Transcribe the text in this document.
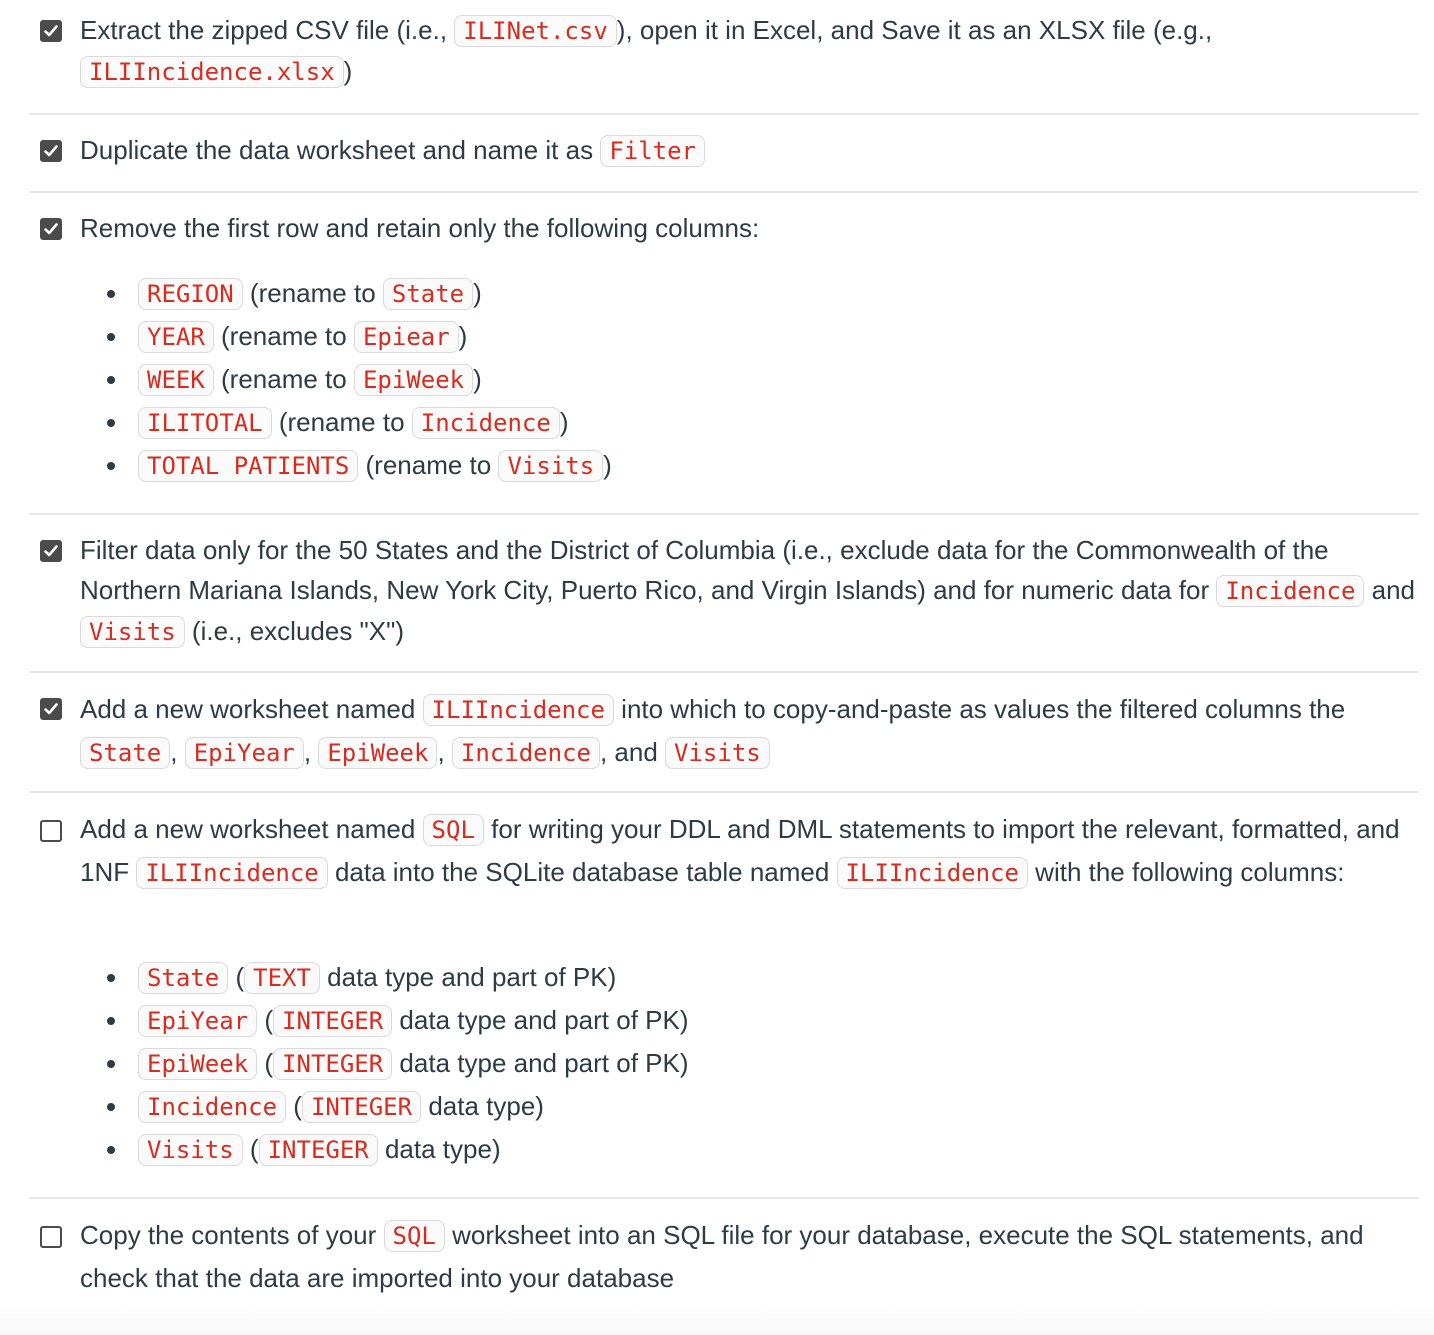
Extract the zipped CSV file (i.e., ILINet.csv ), open it in Excel, and Save it as an XLSX file (e.g., ILIIncidence.xlsx )
Duplicate the data worksheet and name it as Filter
Remove the first row and retain only the following columns:
• REGION (rename to State )
• YEAR (rename to Epiear )
• WEEK (rename to EpiWeek )
• ILITOTAL (rename to Incidence )
• TOTAL PATIENTS (rename to Visits )
Filter data only for the 50 States and the District of Columbia (i.e., exclude data for the Commonwealth of the Northern Mariana Islands, New York City, Puerto Rico, and Virgin Islands) and for numeric data for Incidence and Visits (i.e., excludes "X")
Add a new worksheet named ILIIncidence into which to copy-and-paste as values the filtered columns the State , EpiYear , EpiWeek , Incidence , and Visits
Add a new worksheet named SQL for writing your DDL and DML statements to import the relevant, formatted, and 1NF ILIIncidence data into the SQLite database table named ILIIncidence with the following columns:
• State ( TEXT data type and part of PK)
• EpiYear ( INTEGER data type and part of PK)
• EpiWeek ( INTEGER data type and part of PK)
• Incidence ( INTEGER data type)
• Visits ( INTEGER data type)
Copy the contents of your SQL worksheet into an SQL file for your database, execute the SQL statements, and check that the data are imported into your database
